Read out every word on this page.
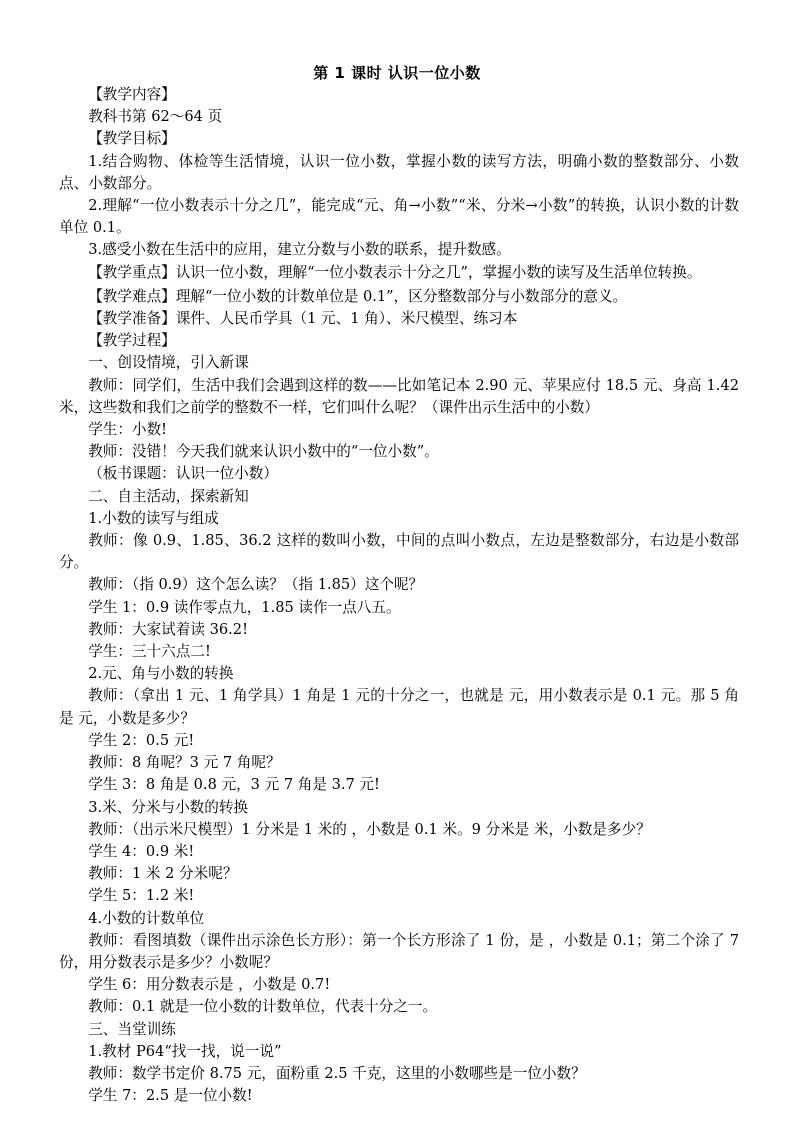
第 1 课时 认识一位小数

【教学内容】

教科书第 62～64 页

【教学目标】

1.结合购物、体检等生活情境，认识一位小数，掌握小数的读写方法，明确小数的整数部分、小数点、小数部分。

2.理解“一位小数表示十分之几”，能完成“元、角→小数”“米、分米→小数”的转换，认识小数的计数单位 0.1。

3.感受小数在生活中的应用，建立分数与小数的联系，提升数感。

【教学重点】认识一位小数，理解“一位小数表示十分之几”，掌握小数的读写及生活单位转换。

【教学难点】理解“一位小数的计数单位是 0.1”，区分整数部分与小数部分的意义。

【教学准备】课件、人民币学具（1 元、1 角）、米尺模型、练习本

【教学过程】

一、创设情境，引入新课

教师：同学们，生活中我们会遇到这样的数——比如笔记本 2.90 元、苹果应付 18.5 元、身高 1.42 米，这些数和我们之前学的整数不一样，它们叫什么呢？（课件出示生活中的小数）

学生：小数!

教师：没错！今天我们就来认识小数中的“一位小数”。

（板书课题：认识一位小数）

二、自主活动，探索新知

1.小数的读写与组成

教师：像 0.9、1.85、36.2 这样的数叫小数，中间的点叫小数点，左边是整数部分，右边是小数部分。

教师：（指 0.9）这个怎么读？（指 1.85）这个呢？

学生 1：0.9 读作零点九，1.85 读作一点八五。

教师：大家试着读 36.2!

学生：三十六点二!

2.元、角与小数的转换

教师：（拿出 1 元、1 角学具）1 角是 1 元的十分之一，也就是 元，用小数表示是 0.1 元。那 5 角是 元，小数是多少？

学生 2：0.5 元!

教师：8 角呢？3 元 7 角呢？

学生 3：8 角是 0.8 元，3 元 7 角是 3.7 元!

3.米、分米与小数的转换

教师：（出示米尺模型）1 分米是 1 米的 ，小数是 0.1 米。9 分米是 米，小数是多少？

学生 4：0.9 米!

教师：1 米 2 分米呢？

学生 5：1.2 米!

4.小数的计数单位

教师：看图填数（课件出示涂色长方形）：第一个长方形涂了 1 份，是 ，小数是 0.1；第二个涂了 7 份，用分数表示是多少？小数呢？

学生 6：用分数表示是 ，小数是 0.7!

教师：0.1 就是一位小数的计数单位，代表十分之一。

三、当堂训练

1.教材 P64“找一找，说一说”

教师：数学书定价 8.75 元，面粉重 2.5 千克，这里的小数哪些是一位小数？

学生 7：2.5 是一位小数!
